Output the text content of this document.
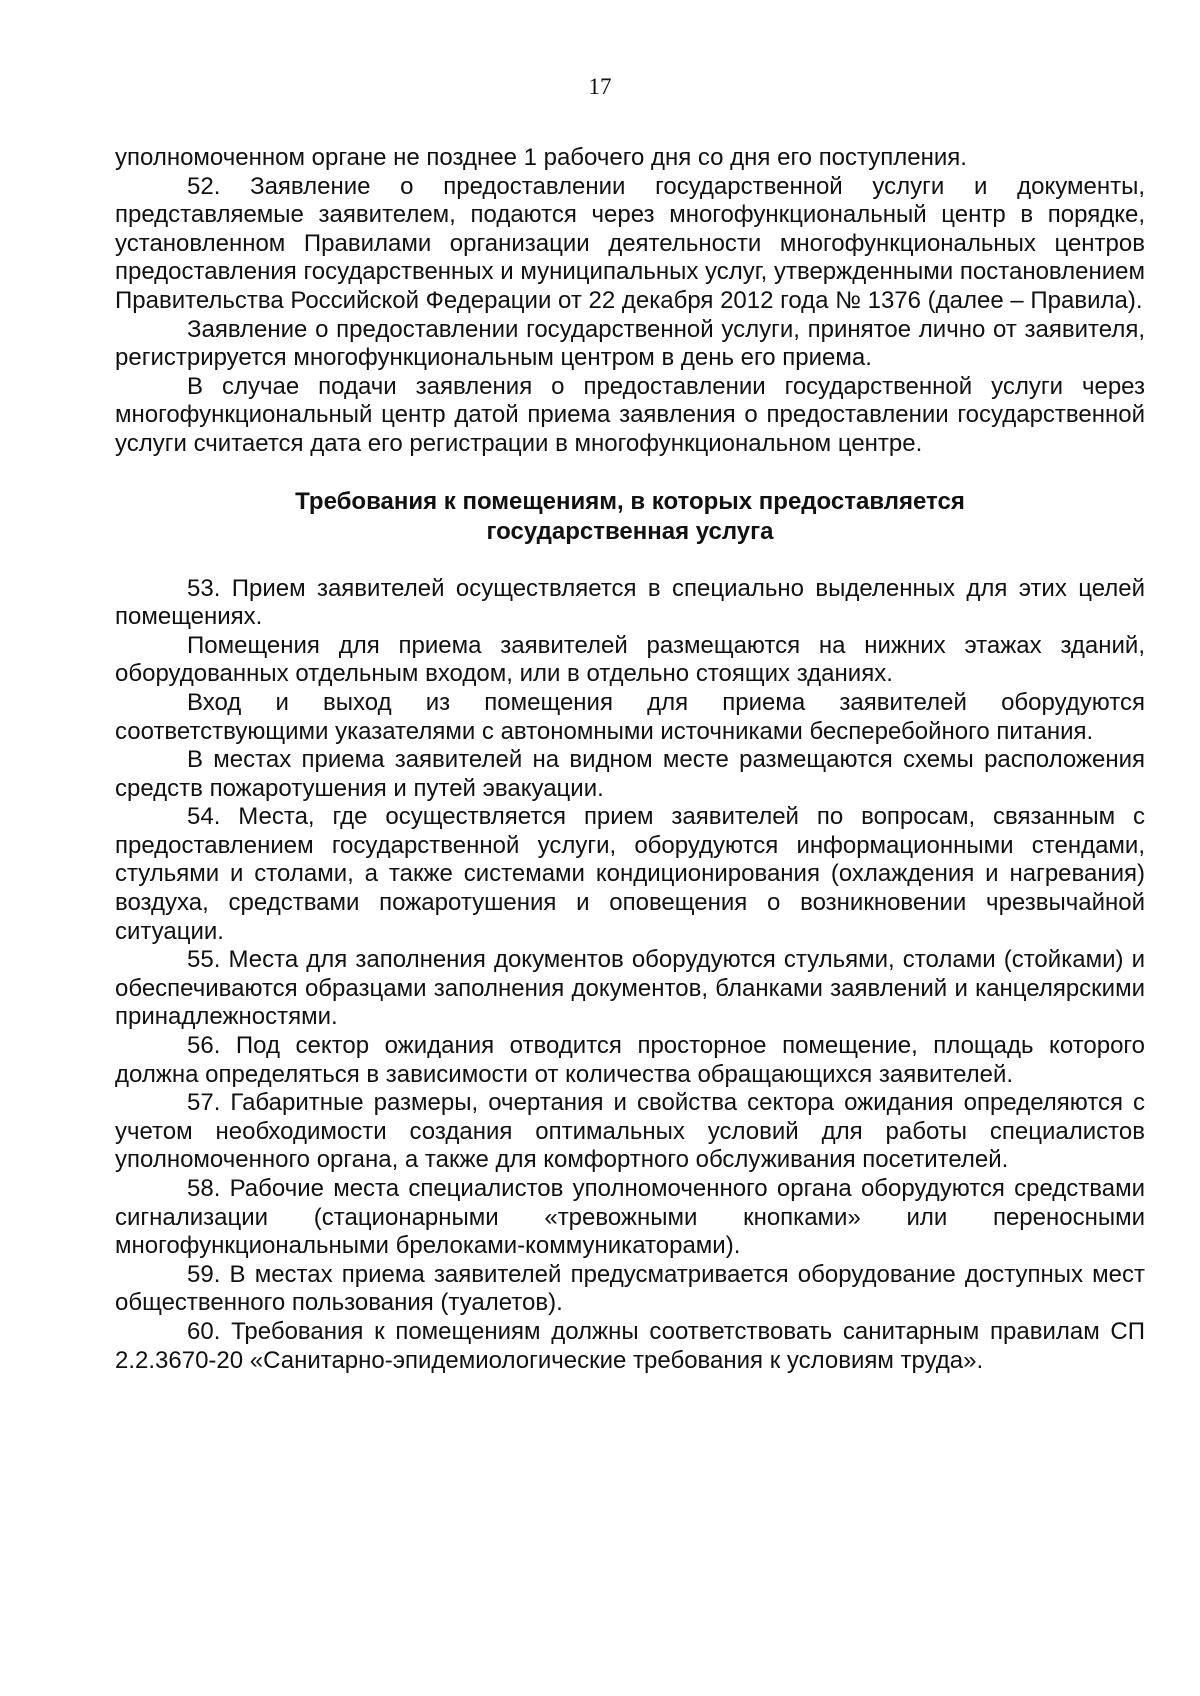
17

уполномоченном органе не позднее 1 рабочего дня со дня его поступления.

52. Заявление о предоставлении государственной услуги и документы, представляемые заявителем, подаются через многофункциональный центр в порядке, установленном Правилами организации деятельности многофункциональных центров предоставления государственных и муниципальных услуг, утвержденными постановлением Правительства Российской Федерации от 22 декабря 2012 года № 1376 (далее – Правила).

Заявление о предоставлении государственной услуги, принятое лично от заявителя, регистрируется многофункциональным центром в день его приема.

В случае подачи заявления о предоставлении государственной услуги через многофункциональный центр датой приема заявления о предоставлении государственной услуги считается дата его регистрации в многофункциональном центре.

Требования к помещениям, в которых предоставляется

государственная услуга

53. Прием заявителей осуществляется в специально выделенных для этих целей помещениях.

Помещения для приема заявителей размещаются на нижних этажах зданий, оборудованных отдельным входом, или в отдельно стоящих зданиях.

Вход и выход из помещения для приема заявителей оборудуются соответствующими указателями с автономными источниками бесперебойного питания.

В местах приема заявителей на видном месте размещаются схемы расположения средств пожаротушения и путей эвакуации.

54. Места, где осуществляется прием заявителей по вопросам, связанным с предоставлением государственной услуги, оборудуются информационными стендами, стульями и столами, а также системами кондиционирования (охлаждения и нагревания) воздуха, средствами пожаротушения и оповещения о возникновении чрезвычайной ситуации.

55. Места для заполнения документов оборудуются стульями, столами (стойками) и обеспечиваются образцами заполнения документов, бланками заявлений и канцелярскими принадлежностями.

56. Под сектор ожидания отводится просторное помещение, площадь которого должна определяться в зависимости от количества обращающихся заявителей.

57. Габаритные размеры, очертания и свойства сектора ожидания определяются с учетом необходимости создания оптимальных условий для работы специалистов уполномоченного органа, а также для комфортного обслуживания посетителей.

58. Рабочие места специалистов уполномоченного органа оборудуются средствами сигнализации (стационарными «тревожными кнопками» или переносными многофункциональными брелоками-коммуникаторами).

59. В местах приема заявителей предусматривается оборудование доступных мест общественного пользования (туалетов).

60. Требования к помещениям должны соответствовать санитарным правилам СП 2.2.3670-20 «Санитарно-эпидемиологические требования к условиям труда».
